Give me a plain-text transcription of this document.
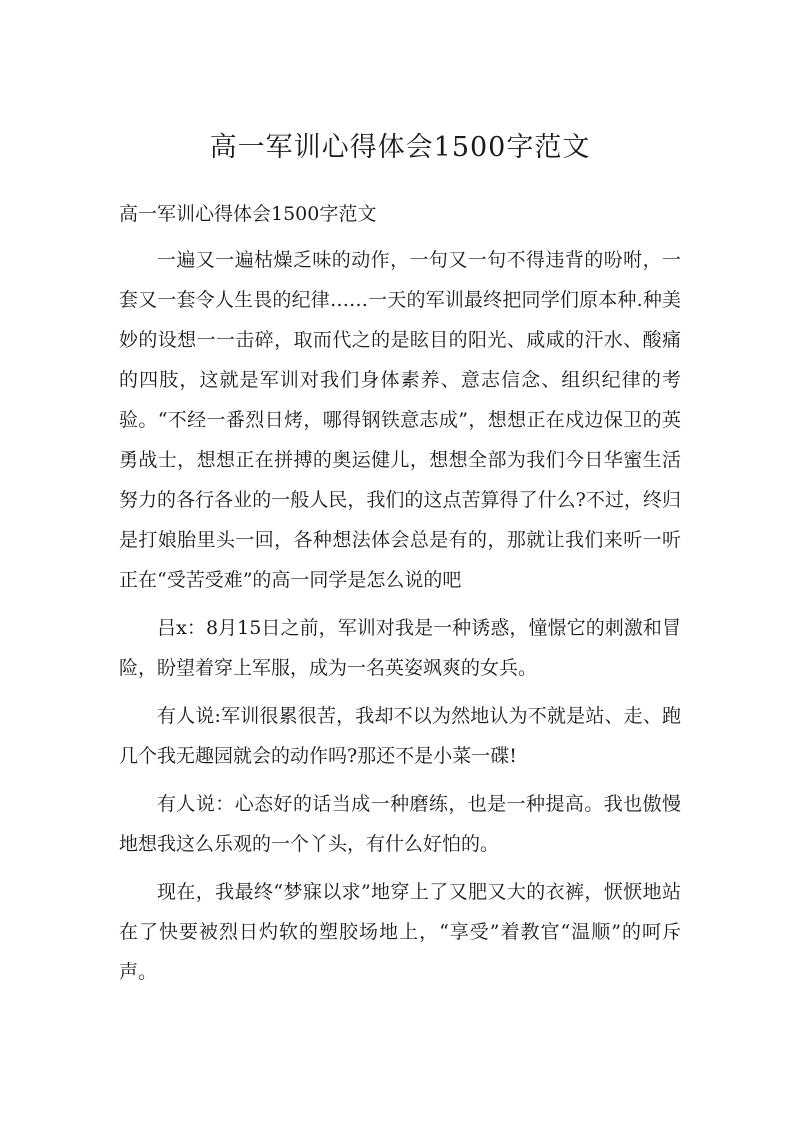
高一军训心得体会1500字范文

高一军训心得体会1500字范文

一遍又一遍枯燥乏味的动作，一句又一句不得违背的吩咐，一套又一套令人生畏的纪律……一天的军训最终把同学们原本种.种美妙的设想一一击碎，取而代之的是眩目的阳光、咸咸的汗水、酸痛的四肢，这就是军训对我们身体素养、意志信念、组织纪律的考验。“不经一番烈日烤，哪得钢铁意志成”，想想正在戍边保卫的英勇战士，想想正在拼搏的奥运健儿，想想全部为我们今日华蜜生活努力的各行各业的一般人民，我们的这点苦算得了什么?不过，终归是打娘胎里头一回，各种想法体会总是有的，那就让我们来听一听正在“受苦受难”的高一同学是怎么说的吧

吕x：8月15日之前，军训对我是一种诱惑，憧憬它的刺激和冒险，盼望着穿上军服，成为一名英姿飒爽的女兵。

有人说:军训很累很苦，我却不以为然地认为不就是站、走、跑几个我无趣园就会的动作吗?那还不是小菜一碟!

有人说：心态好的话当成一种磨练，也是一种提高。我也傲慢地想我这么乐观的一个丫头，有什么好怕的。

现在，我最终“梦寐以求”地穿上了又肥又大的衣裤，恹恹地站在了快要被烈日灼软的塑胶场地上，“享受”着教官“温顺”的呵斥声。
